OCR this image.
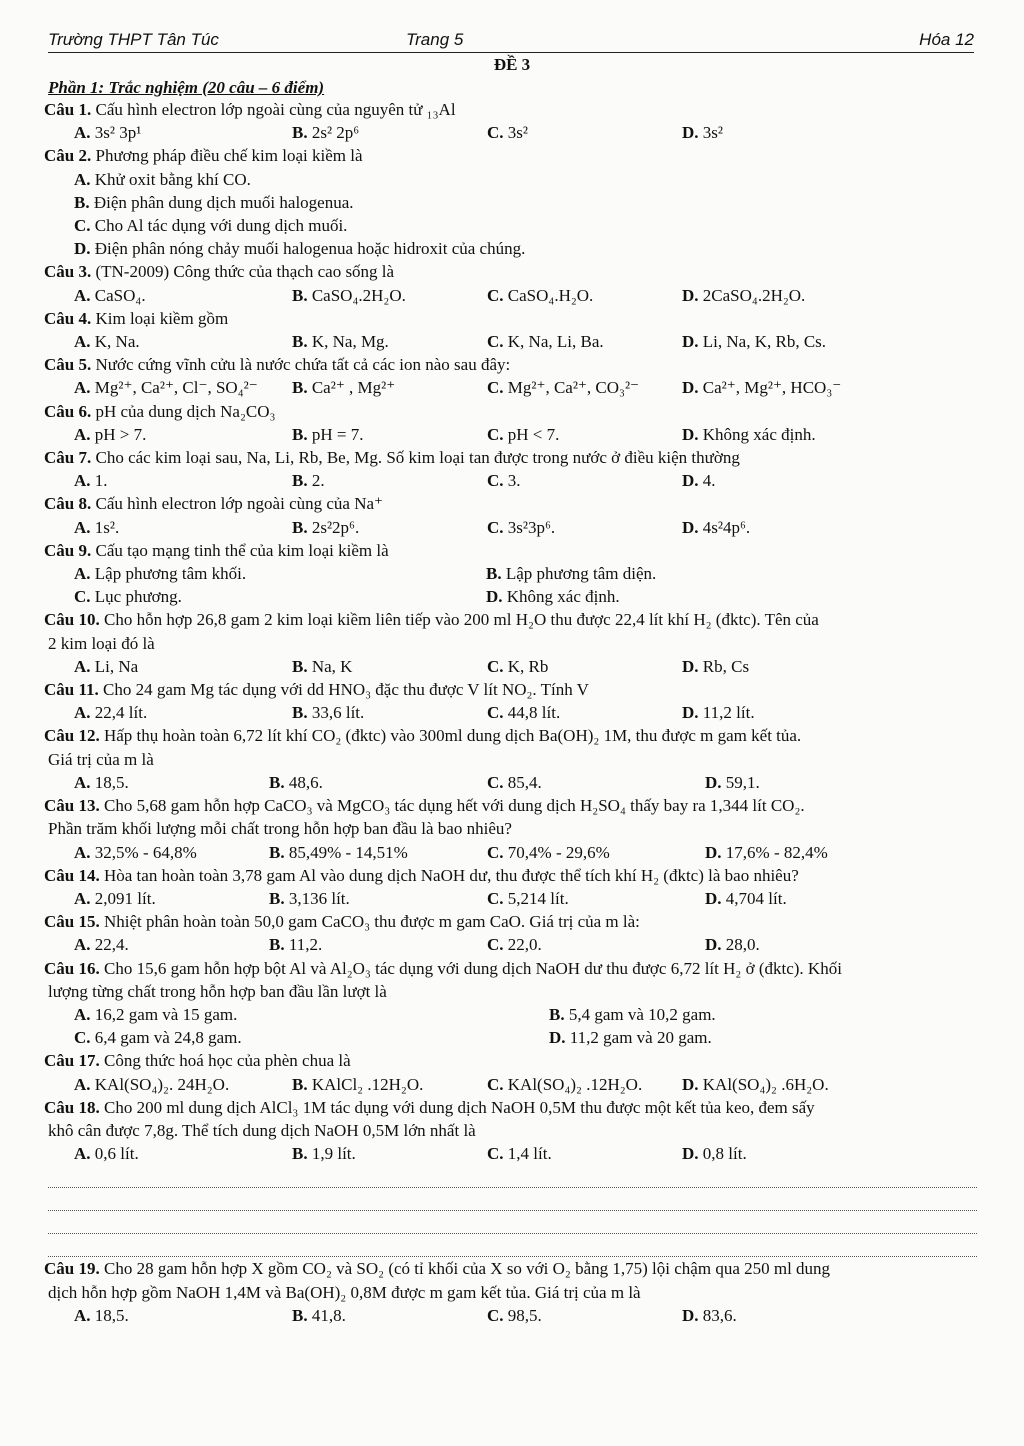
Trường THPT Tân Túc	Trang 5	Hóa 12
ĐỀ 3
Phần 1: Trắc nghiệm (20 câu – 6 điểm)
Câu 1. Cấu hình electron lớp ngoài cùng của nguyên tử ₁₃Al
A. 3s² 3p¹	B. 2s² 2p⁶	C. 3s²	D. 3s²
Câu 2. Phương pháp điều chế kim loại kiềm là
A. Khử oxit bằng khí CO.
B. Điện phân dung dịch muối halogenua.
C. Cho Al tác dụng với dung dịch muối.
D. Điện phân nóng chảy muối halogenua hoặc hidroxit của chúng.
Câu 3. (TN-2009) Công thức của thạch cao sống là
A. CaSO₄.	B. CaSO₄.2H₂O.	C. CaSO₄.H₂O.	D. 2CaSO₄.2H₂O.
Câu 4. Kim loại kiềm gồm
A. K, Na.	B. K, Na, Mg.	C. K, Na, Li, Ba.	D. Li, Na, K, Rb, Cs.
Câu 5. Nước cứng vĩnh cửu là nước chứa tất cả các ion nào sau đây:
A. Mg²⁺, Ca²⁺, Cl⁻, SO₄²⁻	B. Ca²⁺ , Mg²⁺	C. Mg²⁺, Ca²⁺, CO₃²⁻	D. Ca²⁺, Mg²⁺, HCO₃⁻
Câu 6. pH của dung dịch Na₂CO₃
A. pH > 7.	B. pH = 7.	C. pH < 7.	D. Không xác định.
Câu 7. Cho các kim loại sau, Na, Li, Rb, Be, Mg. Số kim loại tan được trong nước ở điều kiện thường
A. 1.	B. 2.	C. 3.	D. 4.
Câu 8. Cấu hình electron lớp ngoài cùng của Na⁺
A. 1s².	B. 2s²2p⁶.	C. 3s²3p⁶.	D. 4s²4p⁶.
Câu 9. Cấu tạo mạng tinh thể của kim loại kiềm là
A. Lập phương tâm khối.	B. Lập phương tâm diện.
C. Lục phương.	D. Không xác định.
Câu 10. Cho hỗn hợp 26,8 gam 2 kim loại kiềm liên tiếp vào 200 ml H₂O thu được 22,4 lít khí H₂ (đktc). Tên của
2 kim loại đó là
A. Li, Na	B. Na, K	C. K, Rb	D. Rb, Cs
Câu 11. Cho 24 gam Mg tác dụng với dd HNO₃ đặc thu được V lít NO₂. Tính V
A. 22,4 lít.	B. 33,6 lít.	C. 44,8 lít.	D. 11,2 lít.
Câu 12. Hấp thụ hoàn toàn 6,72 lít khí CO₂ (đktc) vào 300ml dung dịch Ba(OH)₂ 1M, thu được m gam kết tủa.
Giá trị của m là
A. 18,5.	B. 48,6.	C. 85,4.	D. 59,1.
Câu 13. Cho 5,68 gam hỗn hợp CaCO₃ và MgCO₃ tác dụng hết với dung dịch H₂SO₄ thấy bay ra 1,344 lít CO₂.
Phần trăm khối lượng mỗi chất trong hỗn hợp ban đầu là bao nhiêu?
A. 32,5% - 64,8%	B. 85,49% - 14,51%	C. 70,4% - 29,6%	D. 17,6% - 82,4%
Câu 14. Hòa tan hoàn toàn 3,78 gam Al vào dung dịch NaOH dư, thu được thể tích khí H₂ (đktc) là bao nhiêu?
A. 2,091 lít.	B. 3,136 lít.	C. 5,214 lít.	D. 4,704 lít.
Câu 15. Nhiệt phân hoàn toàn 50,0 gam CaCO₃ thu được m gam CaO. Giá trị của m là:
A. 22,4.	B. 11,2.	C. 22,0.	D. 28,0.
Câu 16. Cho 15,6 gam hỗn hợp bột Al và Al₂O₃ tác dụng với dung dịch NaOH dư thu được 6,72 lít H₂ ở (đktc). Khối
lượng từng chất trong hỗn hợp ban đầu lần lượt là
A. 16,2 gam và 15 gam.	B. 5,4 gam và 10,2 gam.
C. 6,4 gam và 24,8 gam.	D. 11,2 gam và 20 gam.
Câu 17. Công thức hoá học của phèn chua là
A. KAl(SO₄)₂. 24H₂O.	B. KAlCl₂ .12H₂O.	C. KAl(SO₄)₂ .12H₂O.	D. KAl(SO₄)₂ .6H₂O.
Câu 18. Cho 200 ml dung dịch AlCl₃ 1M tác dụng với dung dịch NaOH 0,5M thu được một kết tủa keo, đem sấy
khô cân được 7,8g. Thể tích dung dịch NaOH 0,5M lớn nhất là
A. 0,6 lít.	B. 1,9 lít.	C. 1,4 lít.	D. 0,8 lít.
Câu 19. Cho 28 gam hỗn hợp X gồm CO₂ và SO₂ (có tỉ khối của X so với O₂ bằng 1,75) lội chậm qua 250 ml dung
dịch hỗn hợp gồm NaOH 1,4M và Ba(OH)₂ 0,8M được m gam kết tủa. Giá trị của m là
A. 18,5.	B. 41,8.	C. 98,5.	D. 83,6.
